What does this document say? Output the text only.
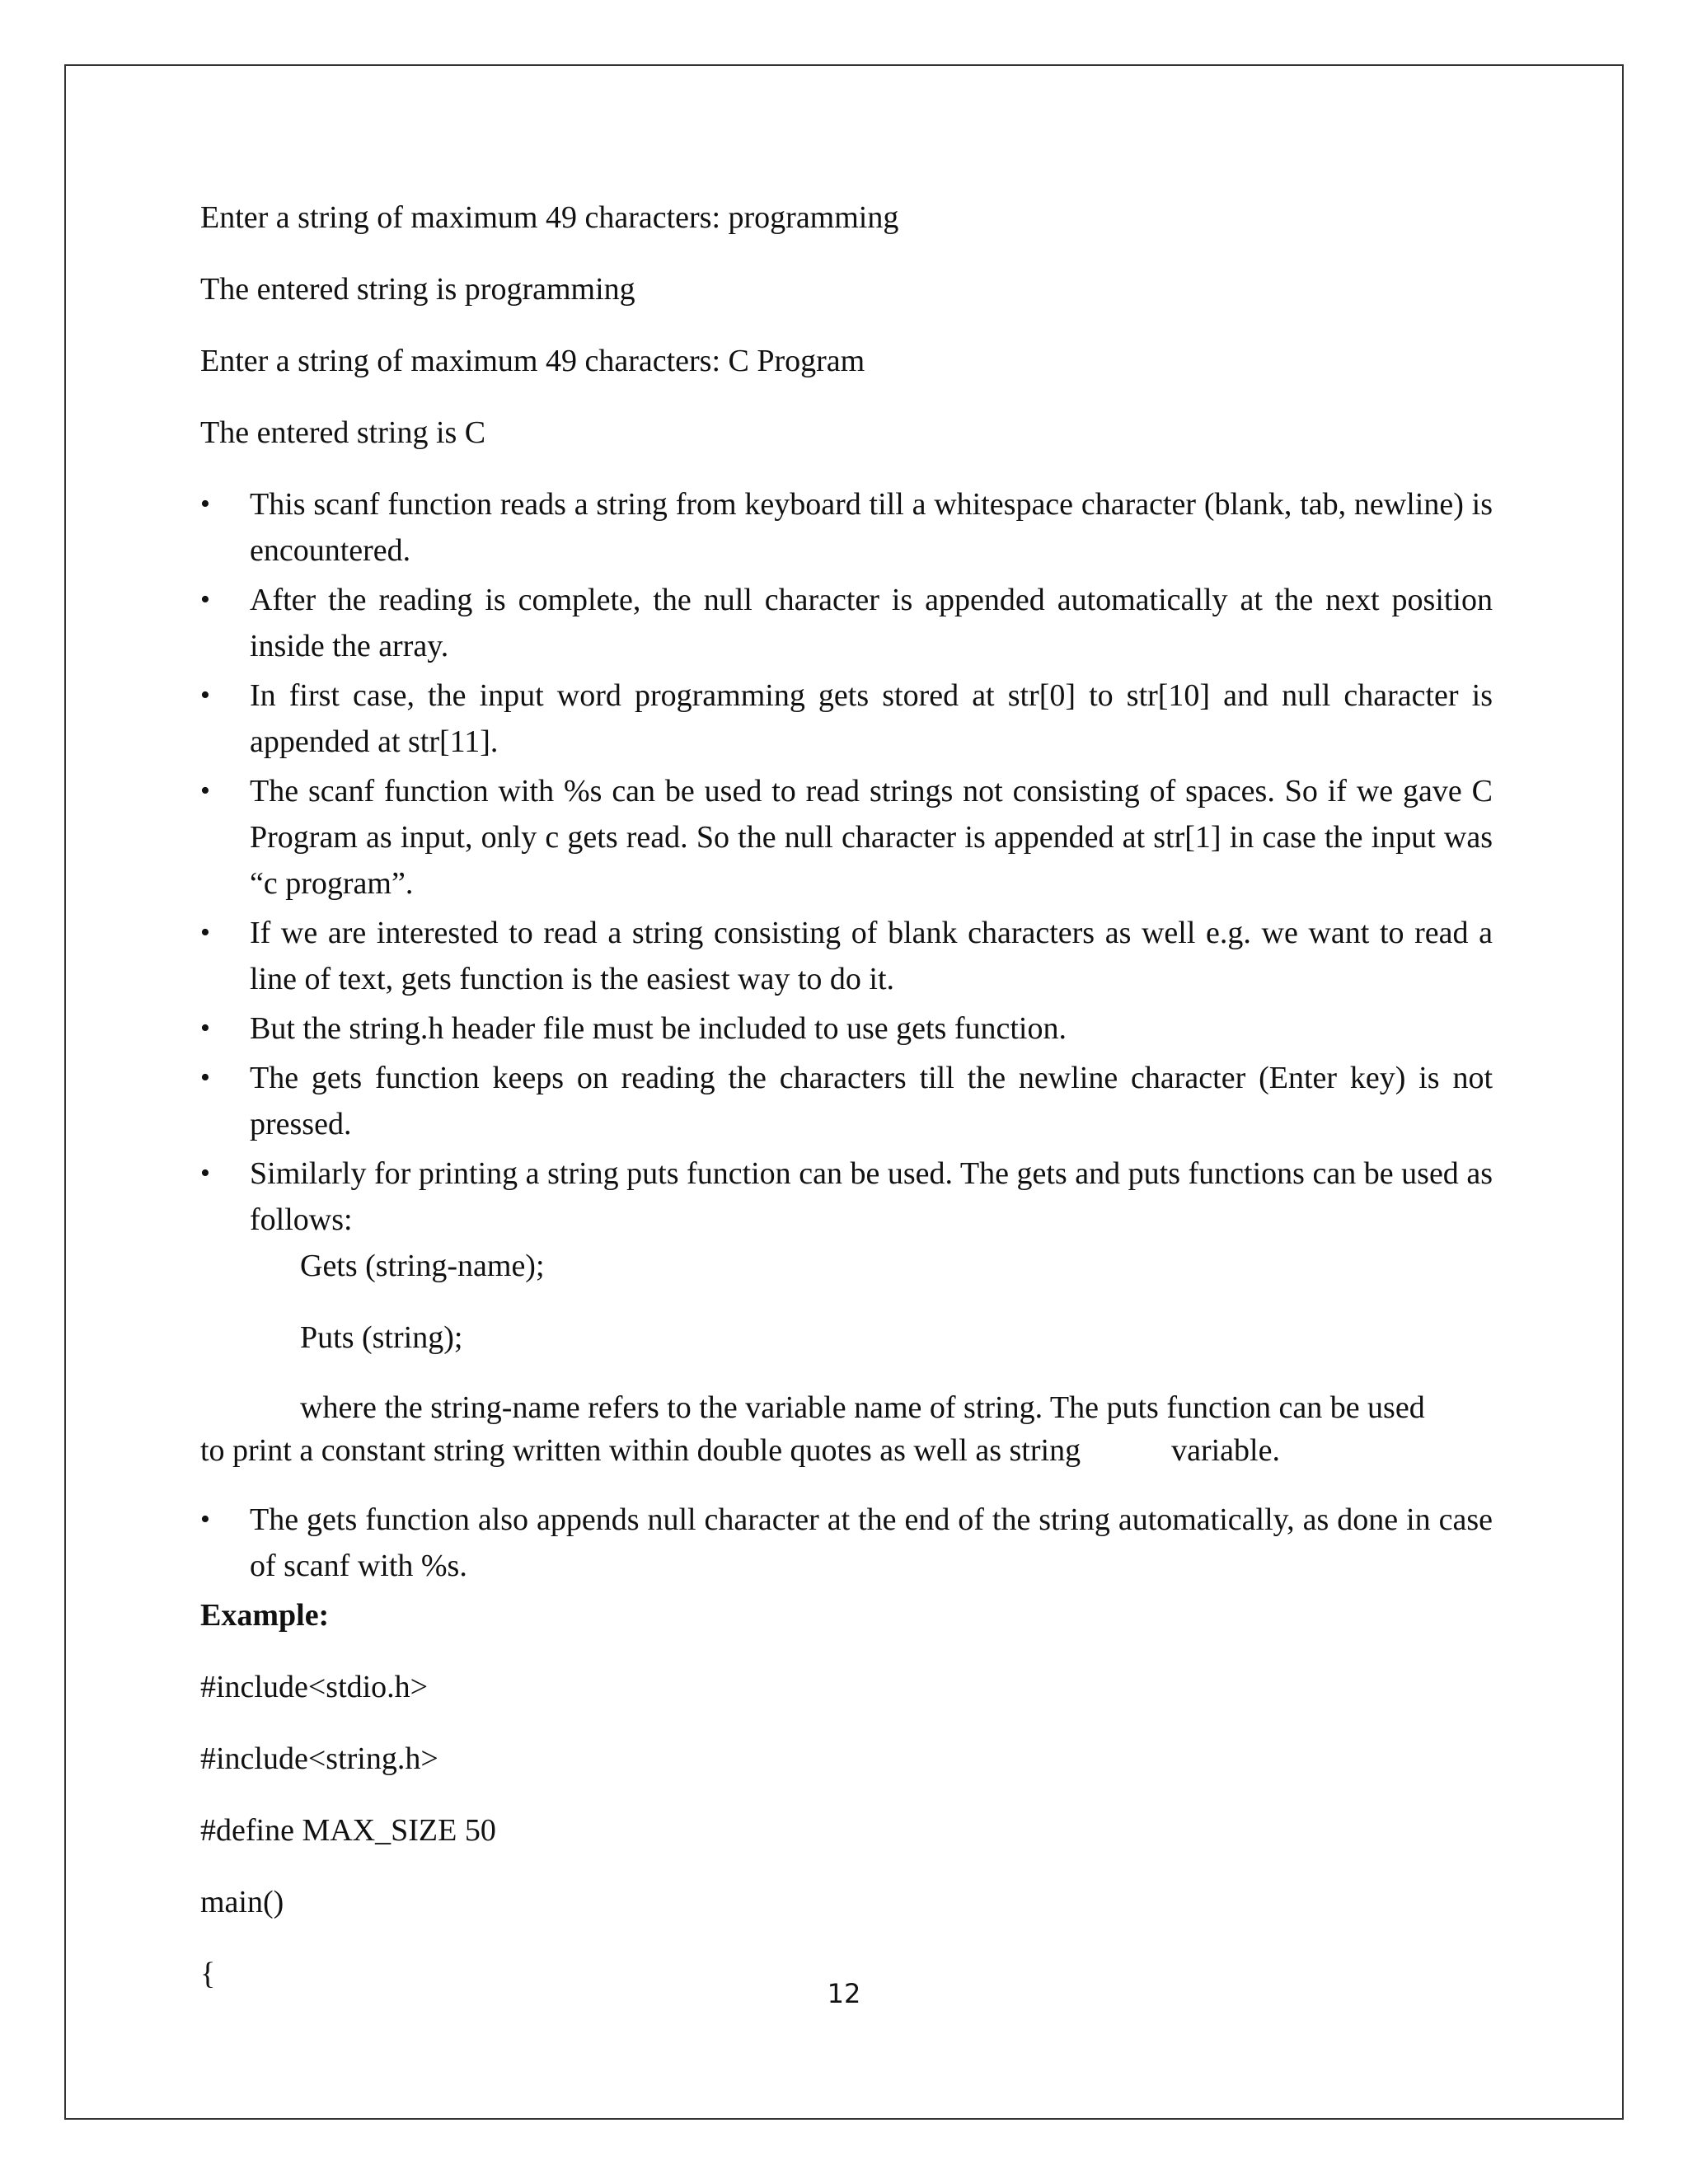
Enter a string of maximum 49 characters: programming

The entered string is programming

Enter a string of maximum 49 characters: C Program

The entered string is C

• This scanf function reads a string from keyboard till a whitespace character (blank, tab, newline) is encountered.
• After the reading is complete, the null character is appended automatically at the next position inside the array.
• In first case, the input word programming gets stored at str[0] to str[10] and null character is appended at str[11].
• The scanf function with %s can be used to read strings not consisting of spaces. So if we gave C Program as input, only c gets read. So the null character is appended at str[1] in case the input was “c program”.
• If we are interested to read a string consisting of blank characters as well e.g. we want to read a line of text, gets function is the easiest way to do it.
• But the string.h header file must be included to use gets function.
• The gets function keeps on reading the characters till the newline character (Enter key) is not pressed.
• Similarly for printing a string puts function can be used. The gets and puts functions can be used as follows:
Gets (string-name);
Puts (string);

where the string-name refers to the variable name of string. The puts function can be used to print a constant string written within double quotes as well as string	variable.

• The gets function also appends null character at the end of the string automatically, as done in case of scanf with %s.

Example:

#include<stdio.h>

#include<string.h>

#define MAX_SIZE 50

main()

{

12
